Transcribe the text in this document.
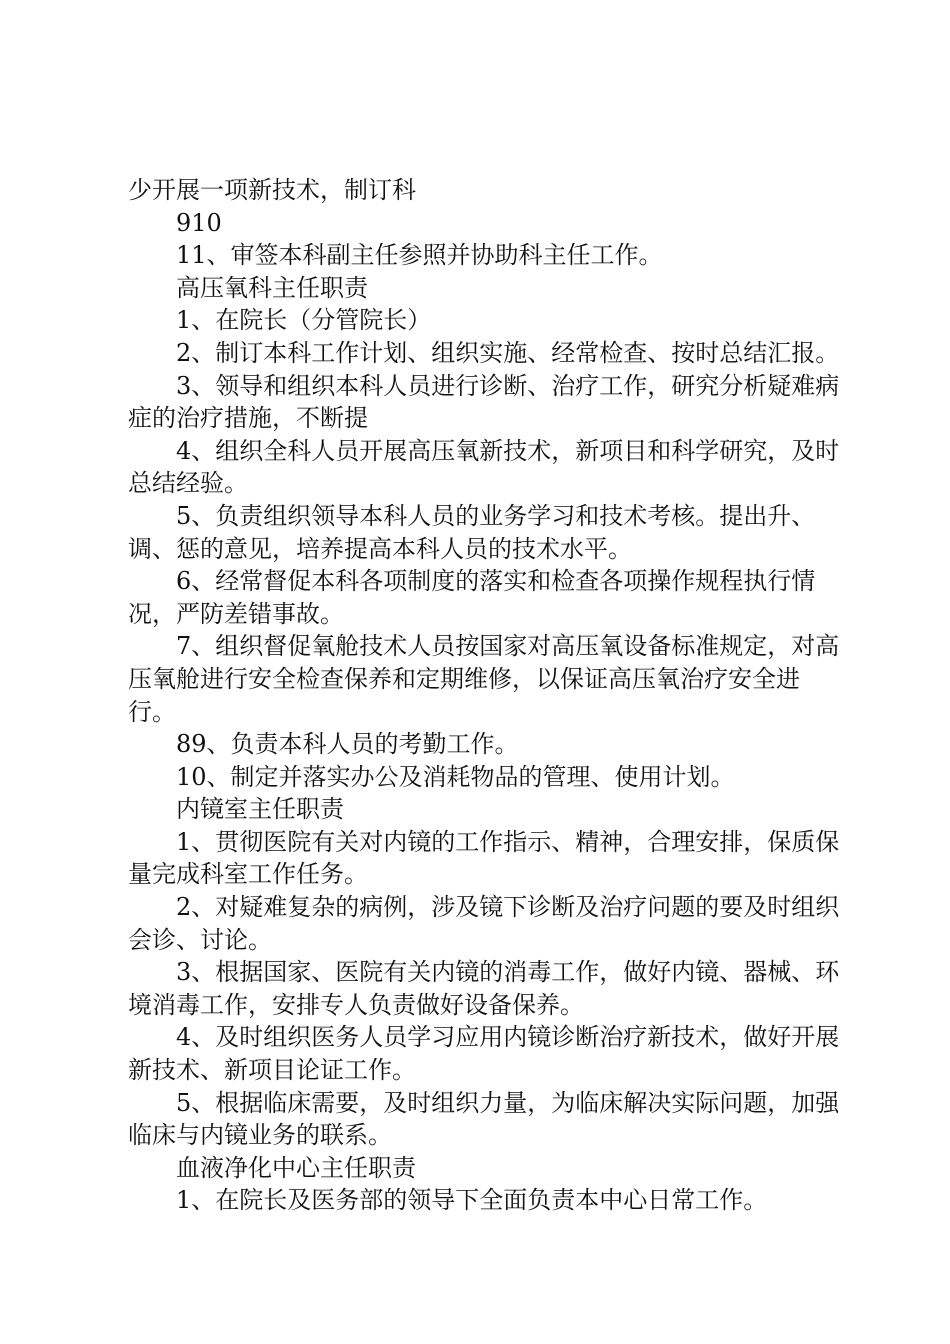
少开展一项新技术，制订科

910

11、审签本科副主任参照并协助科主任工作。

高压氧科主任职责

1、在院长（分管院长）

2、制订本科工作计划、组织实施、经常检查、按时总结汇报。

3、领导和组织本科人员进行诊断、治疗工作，研究分析疑难病症的治疗措施，不断提

4、组织全科人员开展高压氧新技术，新项目和科学研究，及时总结经验。

5、负责组织领导本科人员的业务学习和技术考核。提出升、调、惩的意见，培养提高本科人员的技术水平。

6、经常督促本科各项制度的落实和检查各项操作规程执行情况，严防差错事故。

7、组织督促氧舱技术人员按国家对高压氧设备标准规定，对高压氧舱进行安全检查保养和定期维修，以保证高压氧治疗安全进行。

89、负责本科人员的考勤工作。

10、制定并落实办公及消耗物品的管理、使用计划。

内镜室主任职责

1、贯彻医院有关对内镜的工作指示、精神，合理安排，保质保量完成科室工作任务。

2、对疑难复杂的病例，涉及镜下诊断及治疗问题的要及时组织会诊、讨论。

3、根据国家、医院有关内镜的消毒工作，做好内镜、器械、环境消毒工作，安排专人负责做好设备保养。

4、及时组织医务人员学习应用内镜诊断治疗新技术，做好开展新技术、新项目论证工作。

5、根据临床需要，及时组织力量，为临床解决实际问题，加强临床与内镜业务的联系。

血液净化中心主任职责

1、在院长及医务部的领导下全面负责本中心日常工作。
